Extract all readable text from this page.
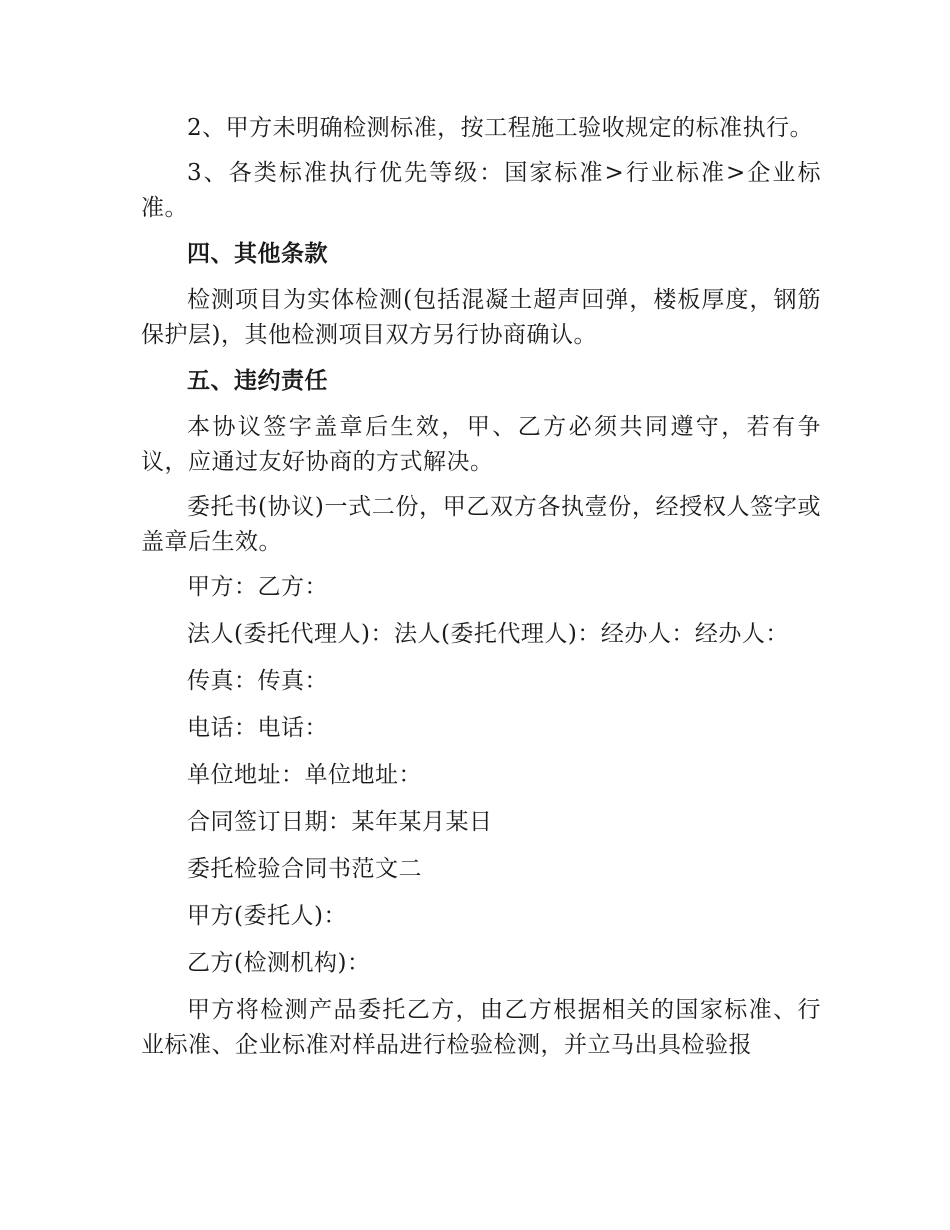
2、甲方未明确检测标准，按工程施工验收规定的标准执行。

3、各类标准执行优先等级：国家标准>行业标准>企业标准。

四、其他条款

检测项目为实体检测(包括混凝土超声回弹，楼板厚度，钢筋保护层)，其他检测项目双方另行协商确认。

五、违约责任

本协议签字盖章后生效，甲、乙方必须共同遵守，若有争议，应通过友好协商的方式解决。

委托书(协议)一式二份，甲乙双方各执壹份，经授权人签字或盖章后生效。

甲方：乙方：

法人(委托代理人)：法人(委托代理人)：经办人：经办人：

传真：传真：

电话：电话：

单位地址：单位地址：

合同签订日期：某年某月某日

委托检验合同书范文二

甲方(委托人)：

乙方(检测机构)：

甲方将检测产品委托乙方，由乙方根据相关的国家标准、行业标准、企业标准对样品进行检验检测，并立马出具检验报
